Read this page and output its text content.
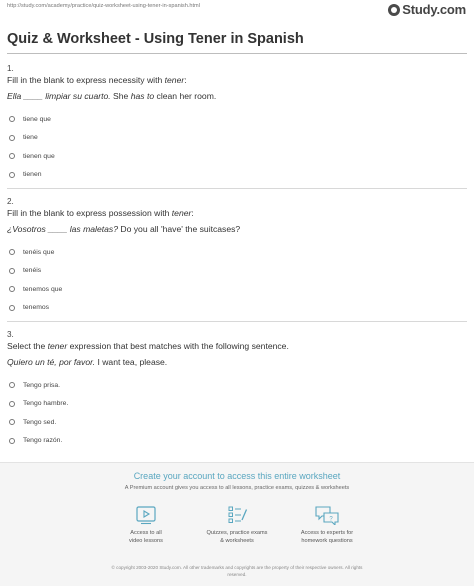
http://study.com/academy/practice/quiz-worksheet-using-tener-in-spanish.html	Study.com
Quiz & Worksheet - Using Tener in Spanish
1.
Fill in the blank to express necessity with tener:
Ella ____ limpiar su cuarto. She has to clean her room.
tiene que
tiene
tienen que
tienen
2.
Fill in the blank to express possession with tener:
¿Vosotros ____ las maletas? Do you all 'have' the suitcases?
tenéis que
tenéis
tenemos que
tenemos
3.
Select the tener expression that best matches with the following sentence.
Quiero un té, por favor. I want tea, please.
Tengo prisa.
Tengo hambre.
Tengo sed.
Tengo razón.
Create your account to access this entire worksheet
A Premium account gives you access to all lessons, practice exams, quizzes & worksheets
Access to all
video lessons
Quizzes, practice exams
& worksheets
?
Access to experts for
homework questions
© copyright 2003-2020 Study.com. All other trademarks and copyrights are the property of their respective owners. All rights
reserved.
